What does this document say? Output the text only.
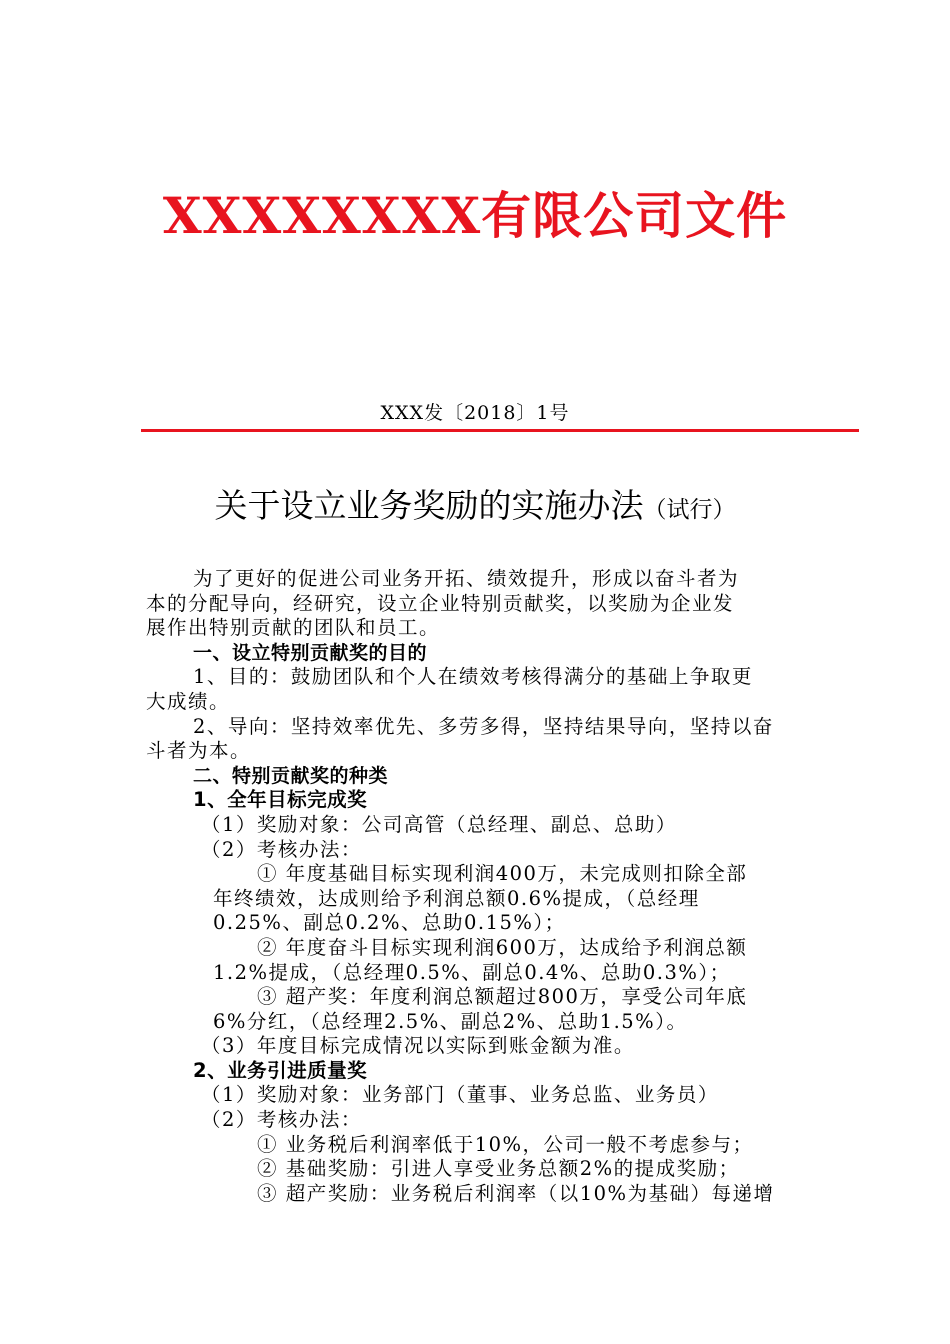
XXXXXXXX有限公司文件
XXX发〔2018〕1号
关于设立业务奖励的实施办法（试行）
为了更好的促进公司业务开拓、绩效提升，形成以奋斗者为
本的分配导向，经研究，设立企业特别贡献奖，以奖励为企业发
展作出特别贡献的团队和员工。
一、设立特别贡献奖的目的
1、目的：鼓励团队和个人在绩效考核得满分的基础上争取更
大成绩。
2、导向：坚持效率优先、多劳多得，坚持结果导向，坚持以奋
斗者为本。
二、特别贡献奖的种类
1、全年目标完成奖
（1）奖励对象：公司高管（总经理、副总、总助）
（2）考核办法：
① 年度基础目标实现利润400万，未完成则扣除全部
年终绩效，达成则给予利润总额0.6%提成，（总经理
0.25%、副总0.2%、总助0.15%）；
② 年度奋斗目标实现利润600万，达成给予利润总额
1.2%提成，（总经理0.5%、副总0.4%、总助0.3%）；
③ 超产奖：年度利润总额超过800万，享受公司年底
6%分红，（总经理2.5%、副总2%、总助1.5%）。
（3）年度目标完成情况以实际到账金额为准。
2、业务引进质量奖
（1）奖励对象：业务部门（董事、业务总监、业务员）
（2）考核办法：
① 业务税后利润率低于10%，公司一般不考虑参与；
② 基础奖励：引进人享受业务总额2%的提成奖励；
③ 超产奖励：业务税后利润率（以10%为基础）每递增
